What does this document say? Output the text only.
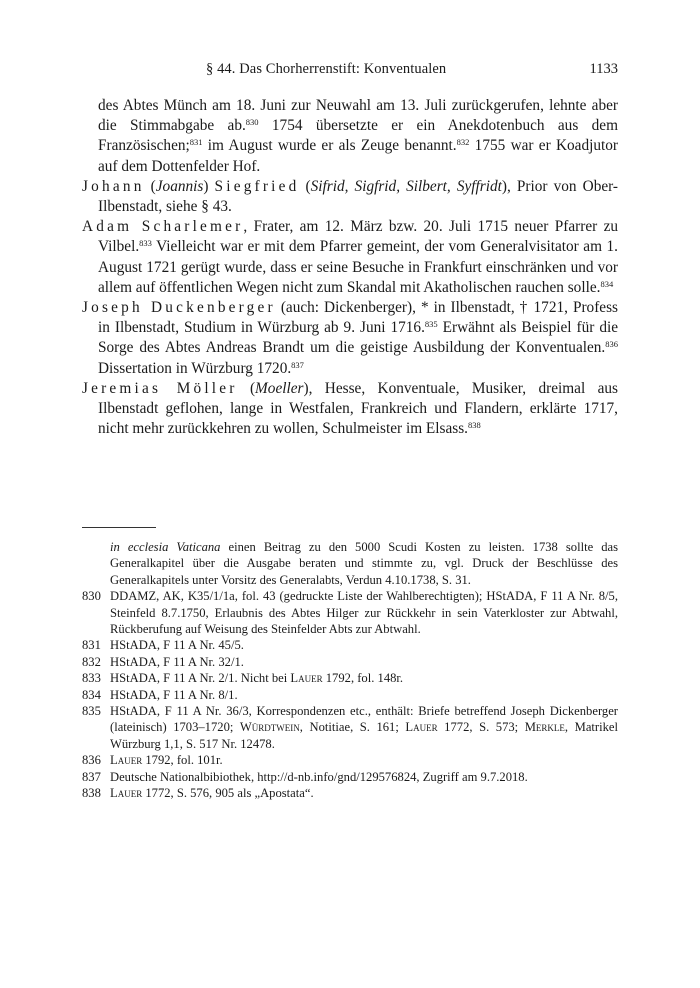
§ 44. Das Chorherrenstift: Konventualen	1133

des Abtes Münch am 18. Juni zur Neuwahl am 13. Juli zurückgerufen, lehnte aber die Stimmabgabe ab.$^{830}$ 1754 übersetzte er ein Anekdotenbuch aus dem Französischen;$^{831}$ im August wurde er als Zeuge benannt.$^{832}$ 1755 war er Koadjutor auf dem Dottenfelder Hof.

Johann (Joannis) Siegfried (Sifrid, Sigfrid, Silbert, Syffridt), Prior von Ober-Ilbenstadt, siehe § 43.

Adam Scharlemer, Frater, am 12. März bzw. 20. Juli 1715 neuer Pfarrer zu Vilbel.$^{833}$ Vielleicht war er mit dem Pfarrer gemeint, der vom Generalvisitator am 1. August 1721 gerügt wurde, dass er seine Besuche in Frankfurt einschränken und vor allem auf öffentlichen Wegen nicht zum Skandal mit Akatholischen rauchen solle.$^{834}$

Joseph Duckenberger (auch: Dickenberger), * in Ilbenstadt, † 1721, Profess in Ilbenstadt, Studium in Würzburg ab 9. Juni 1716.$^{835}$ Erwähnt als Beispiel für die Sorge des Abtes Andreas Brandt um die geistige Ausbildung der Konventualen.$^{836}$ Dissertation in Würzburg 1720.$^{837}$

Jeremias Möller (Moeller), Hesse, Konventuale, Musiker, dreimal aus Ilbenstadt geflohen, lange in Westfalen, Frankreich und Flandern, erklärte 1717, nicht mehr zurückkehren zu wollen, Schulmeister im Elsass.$^{838}$

in ecclesia Vaticana einen Beitrag zu den 5000 Scudi Kosten zu leisten. 1738 sollte das Generalkapitel über die Ausgabe beraten und stimmte zu, vgl. Druck der Beschlüsse des Generalkapitels unter Vorsitz des Generalabts, Verdun 4.10.1738, S. 31.

830 DDAMZ, AK, K35/1/1a, fol. 43 (gedruckte Liste der Wahlberechtigten); HStADA, F 11 A Nr. 8/5, Steinfeld 8.7.1750, Erlaubnis des Abtes Hilger zur Rückkehr in sein Vaterkloster zur Abtwahl, Rückberufung auf Weisung des Steinfelder Abts zur Abtwahl.

831 HStADA, F 11 A Nr. 45/5.

832 HStADA, F 11 A Nr. 32/1.

833 HStADA, F 11 A Nr. 2/1. Nicht bei Lauer 1792, fol. 148r.

834 HStADA, F 11 A Nr. 8/1.

835 HStADA, F 11 A Nr. 36/3, Korrespondenzen etc., enthält: Briefe betreffend Joseph Dickenberger (lateinisch) 1703–1720; Würdtwein, Notitiae, S. 161; Lauer 1772, S. 573; Merkle, Matrikel Würzburg 1,1, S. 517 Nr. 12478.

836 Lauer 1792, fol. 101r.

837 Deutsche Nationalbibiothek, http://d-nb.info/gnd/129576824, Zugriff am 9.7.2018.

838 Lauer 1772, S. 576, 905 als „Apostata“.
